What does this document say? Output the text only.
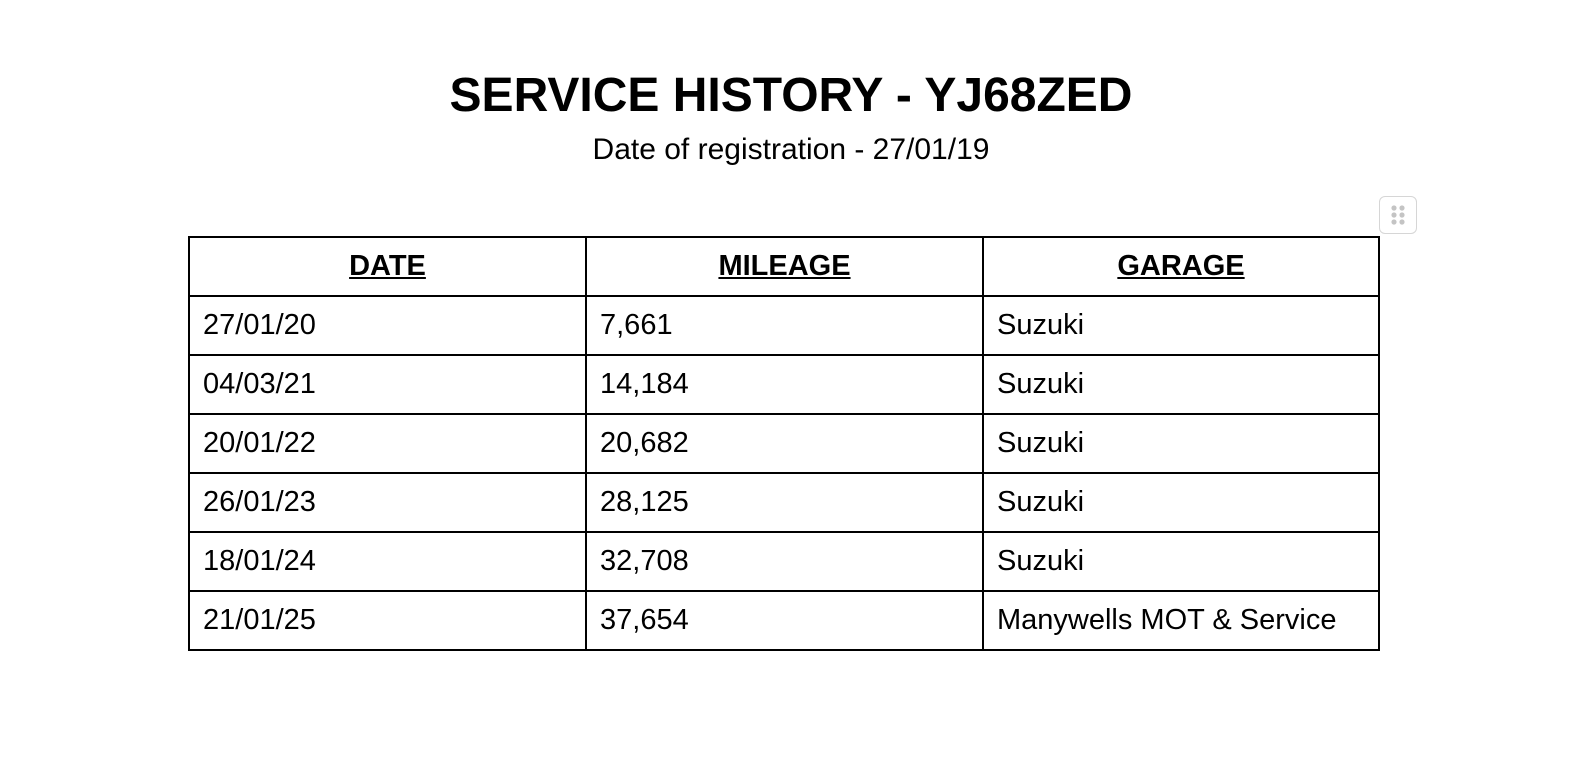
SERVICE HISTORY - YJ68ZED

Date of registration - 27/01/19

DATE	MILEAGE	GARAGE
27/01/20	7,661	Suzuki
04/03/21	14,184	Suzuki
20/01/22	20,682	Suzuki
26/01/23	28,125	Suzuki
18/01/24	32,708	Suzuki
21/01/25	37,654	Manywells MOT & Service
